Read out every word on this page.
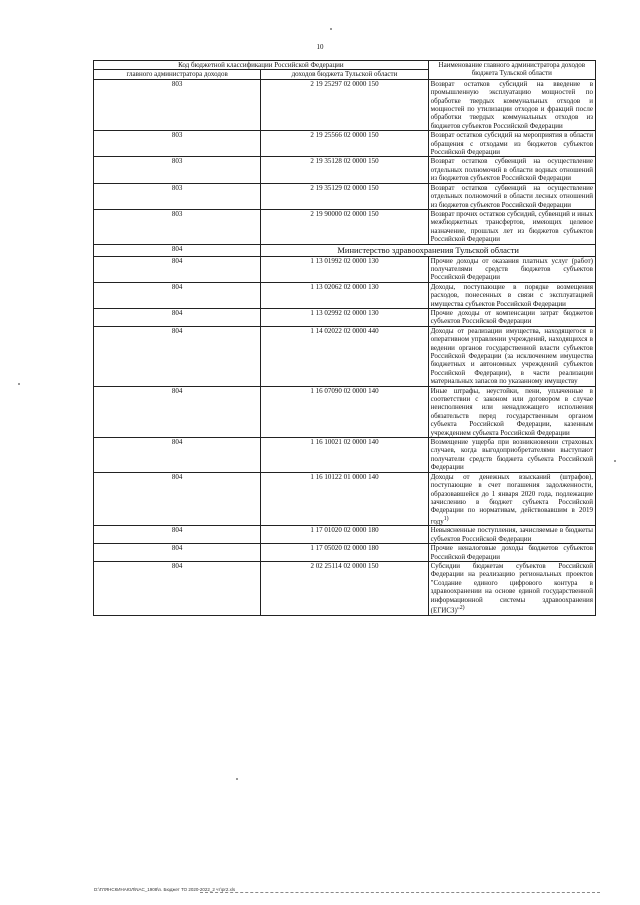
10
Код бюджетной классификации Российской Федерации		Наименование главного администратора доходов бюджета Тульской области
главного администратора доходов	доходов бюджета Тульской области	
803	2 19 25297 02 0000 150	Возврат остатков субсидий на введение в промышленную эксплуатацию мощностей по обработке твердых коммунальных отходов и мощностей по утилизации отходов и фракций после обработки твердых коммунальных отходов из бюджетов субъектов Российской Федерации
803	2 19 25566 02 0000 150	Возврат остатков субсидий на мероприятия в области обращения с отходами из бюджетов субъектов Российской Федерации
803	2 19 35128 02 0000 150	Возврат остатков субвенций на осуществление отдельных полномочий в области водных отношений из бюджетов субъектов Российской Федерации
803	2 19 35129 02 0000 150	Возврат остатков субвенций на осуществление отдельных полномочий в области лесных отношений из бюджетов субъектов Российской Федерации
803	2 19 90000 02 0000 150	Возврат прочих остатков субсидий, субвенций и иных межбюджетных трансфертов, имеющих целевое назначение, прошлых лет из бюджетов субъектов Российской Федерации
804	Министерство здравоохранения Тульской области	
804	1 13 01992 02 0000 130	Прочие доходы от оказания платных услуг (работ) получателями средств бюджетов субъектов Российской Федерации
804	1 13 02062 02 0000 130	Доходы, поступающие в порядке возмещения расходов, понесенных в связи с эксплуатацией имущества субъектов Российской Федерации
804	1 13 02992 02 0000 130	Прочие доходы от компенсации затрат бюджетов субъектов Российской Федерации
804	1 14 02022 02 0000 440	Доходы от реализации имущества, находящегося в оперативном управлении учреждений, находящихся в ведении органов государственной власти субъектов Российской Федерации (за исключением имущества бюджетных и автономных учреждений субъектов Российской Федерации), в части реализации материальных запасов по указанному имуществу
804	1 16 07090 02 0000 140	Иные штрафы, неустойки, пени, уплаченные в соответствии с законом или договором в случае неисполнения или ненадлежащего исполнения обязательств перед государственным органом субъекта Российской Федерации, казенным учреждением субъекта Российской Федерации
804	1 16 10021 02 0000 140	Возмещение ущерба при возникновении страховых случаев, когда выгодоприобретателями выступают получатели средств бюджета субъекта Российской Федерации
804	1 16 10122 01 0000 140	Доходы от денежных взысканий (штрафов), поступающие в счет погашения задолженности, образовавшейся до 1 января 2020 года, подлежащие зачислению в бюджет субъекта Российской Федерации по нормативам, действовавшим в 2019 году$^{1)}$
804	1 17 01020 02 0000 180	Невыясненные поступления, зачисляемые в бюджеты субъектов Российской Федерации
804	1 17 05020 02 0000 180	Прочие неналоговые доходы бюджетов субъектов Российской Федерации
804	2 02 25114 02 0000 150	Субсидии бюджетам субъектов Российской Федерации на реализацию региональных проектов "Создание единого цифрового контура в здравоохранении на основе единой государственной информационной системы здравоохранения (ЕГИСЗ)"$^{2)}$
D:\ГЛЯНСКИНАЮЛ\NAC_1908\n. Бюджет ТО 2020-2022_2 чт\pr2.xls
